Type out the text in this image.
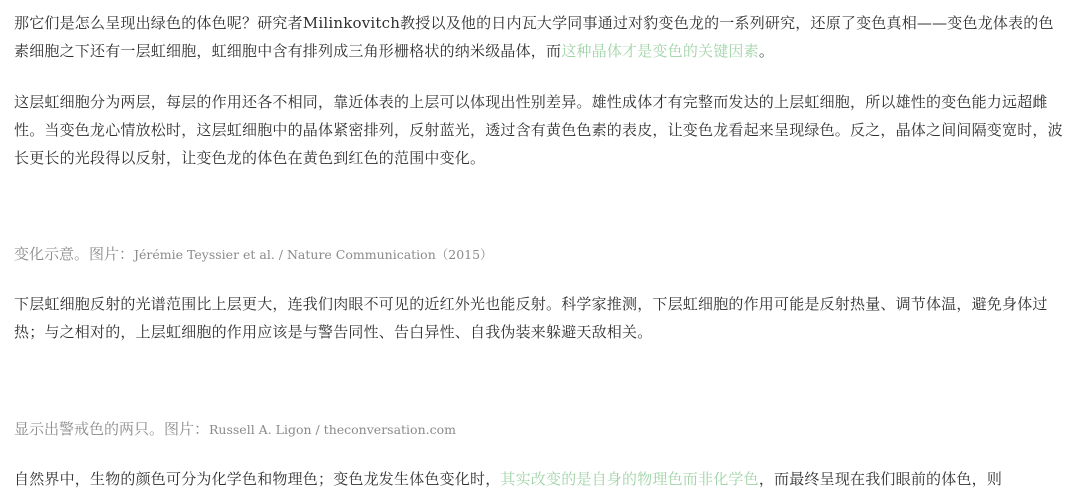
那它们是怎么呈现出绿色的体色呢？研究者Milinkovitch教授以及他的日内瓦大学同事通过对豹变色龙的一系列研究，还原了变色真相——变色龙体表的色素细胞之下还有一层虹细胞，虹细胞中含有排列成三角形栅格状的纳米级晶体，而这种晶体才是变色的关键因素。

这层虹细胞分为两层，每层的作用还各不相同，靠近体表的上层可以体现出性别差异。雄性成体才有完整而发达的上层虹细胞，所以雄性的变色能力远超雌性。当变色龙心情放松时，这层虹细胞中的晶体紧密排列，反射蓝光，透过含有黄色色素的表皮，让变色龙看起来呈现绿色。反之，晶体之间间隔变宽时，波长更长的光段得以反射，让变色龙的体色在黄色到红色的范围中变化。

变化示意。图片：Jérémie Teyssier et al. / Nature Communication（2015）

下层虹细胞反射的光谱范围比上层更大，连我们肉眼不可见的近红外光也能反射。科学家推测，下层虹细胞的作用可能是反射热量、调节体温，避免身体过热；与之相对的，上层虹细胞的作用应该是与警告同性、告白异性、自我伪装来躲避天敌相关。

显示出警戒色的两只。图片：Russell A. Ligon / theconversation.com

自然界中，生物的颜色可分为化学色和物理色；变色龙发生体色变化时，其实改变的是自身的物理色而非化学色，而最终呈现在我们眼前的体色，则
